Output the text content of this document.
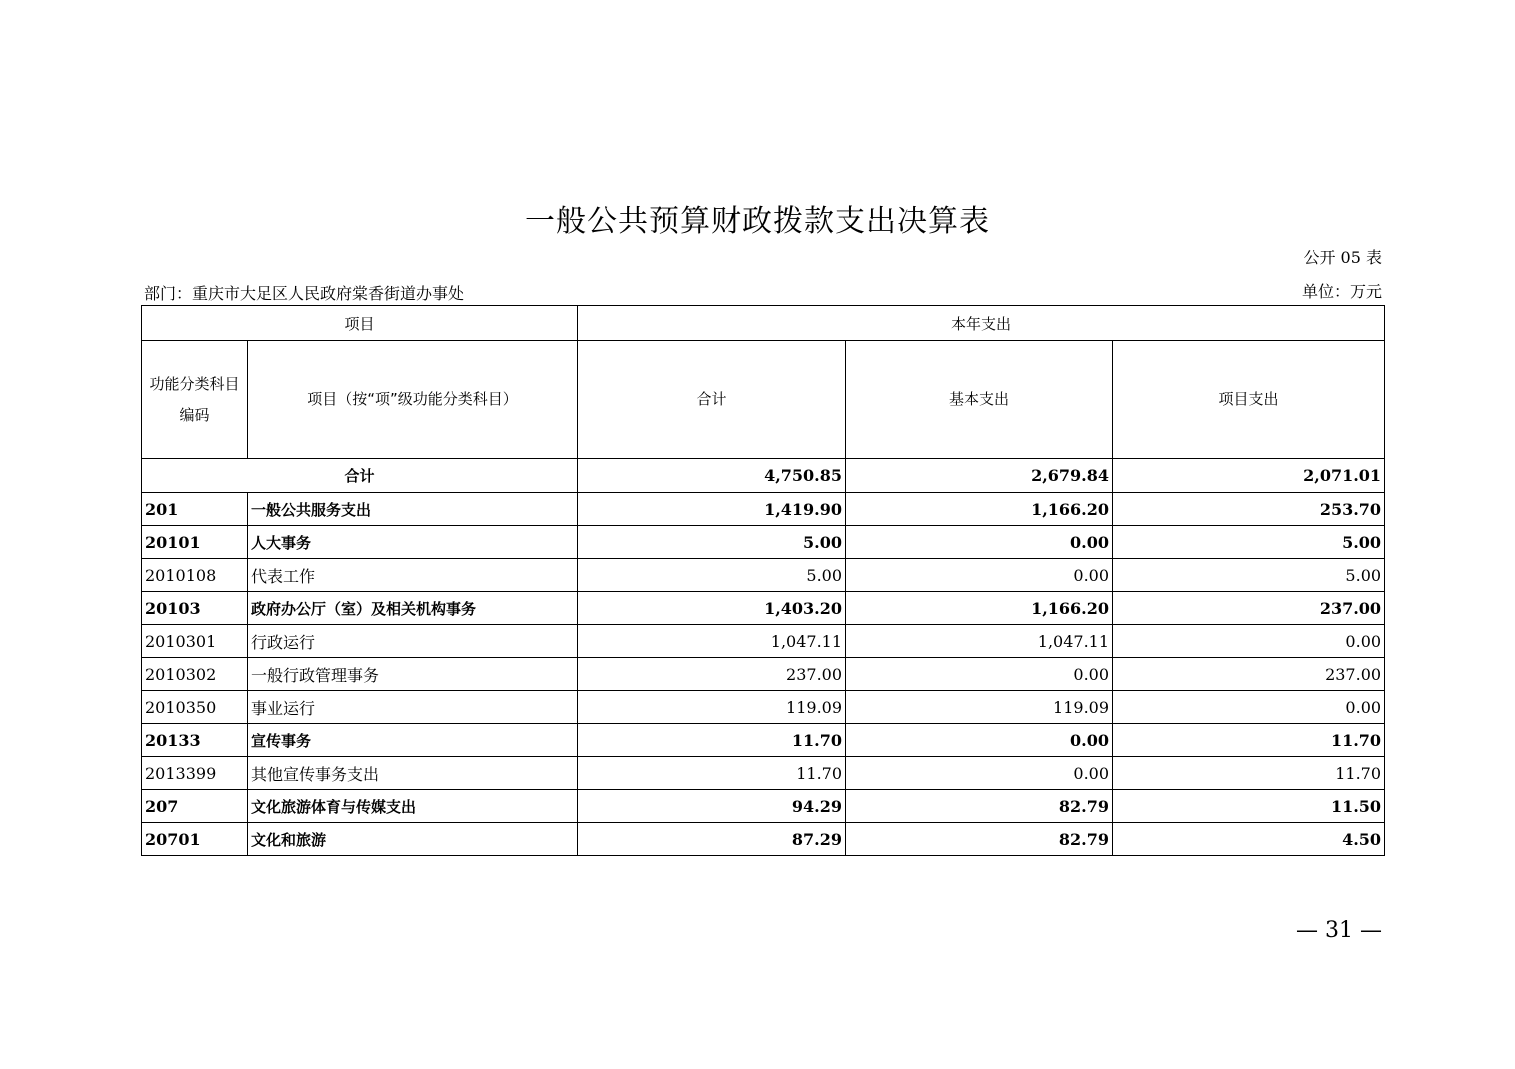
一般公共预算财政拨款支出决算表
公开 05 表
部门：重庆市大足区人民政府棠香街道办事处	单位：万元
项目		本年支出		
功能分类科目编码	项目（按“项”级功能分类科目）	合计	基本支出	项目支出
合计		4,750.85	2,679.84	2,071.01
201	一般公共服务支出	1,419.90	1,166.20	253.70
20101	人大事务	5.00	0.00	5.00
2010108	代表工作	5.00	0.00	5.00
20103	政府办公厅（室）及相关机构事务	1,403.20	1,166.20	237.00
2010301	行政运行	1,047.11	1,047.11	0.00
2010302	一般行政管理事务	237.00	0.00	237.00
2010350	事业运行	119.09	119.09	0.00
20133	宣传事务	11.70	0.00	11.70
2013399	其他宣传事务支出	11.70	0.00	11.70
207	文化旅游体育与传媒支出	94.29	82.79	11.50
20701	文化和旅游	87.29	82.79	4.50
— 31 —
